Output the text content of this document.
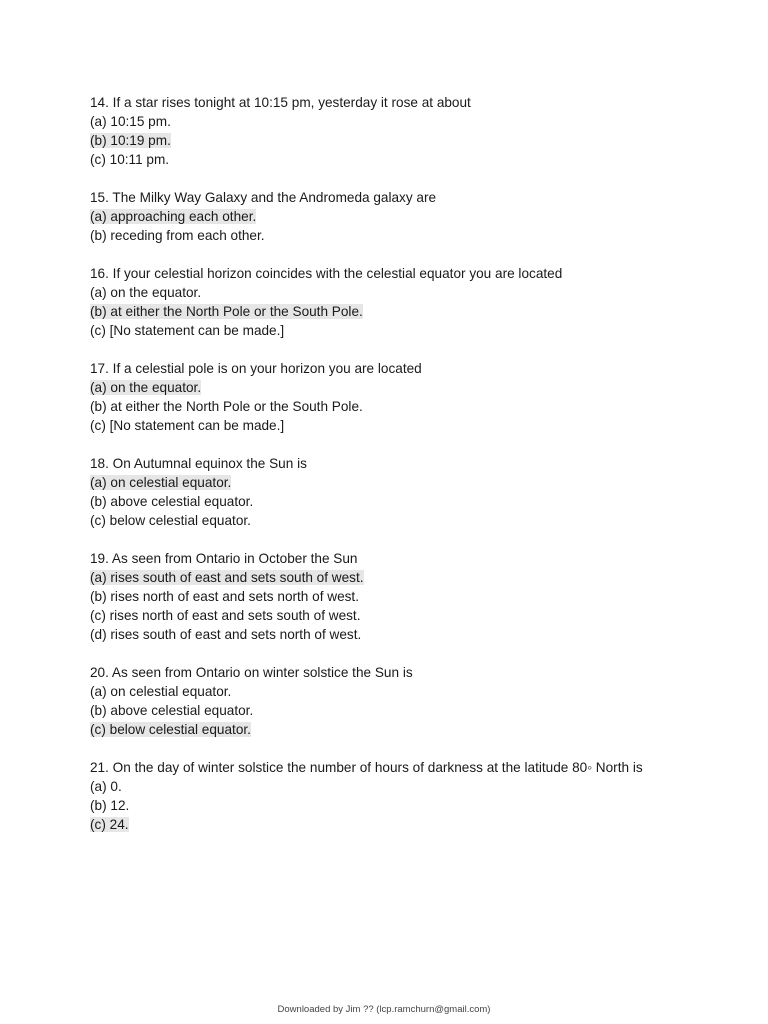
14. If a star rises tonight at 10:15 pm, yesterday it rose at about
(a) 10:15 pm.
(b) 10:19 pm.
(c) 10:11 pm.
15. The Milky Way Galaxy and the Andromeda galaxy are
(a) approaching each other.
(b) receding from each other.
16. If your celestial horizon coincides with the celestial equator you are located
(a) on the equator.
(b) at either the North Pole or the South Pole.
(c) [No statement can be made.]
17. If a celestial pole is on your horizon you are located
(a) on the equator.
(b) at either the North Pole or the South Pole.
(c) [No statement can be made.]
18. On Autumnal equinox the Sun is
(a) on celestial equator.
(b) above celestial equator.
(c) below celestial equator.
19. As seen from Ontario in October the Sun
(a) rises south of east and sets south of west.
(b) rises north of east and sets north of west.
(c) rises north of east and sets south of west.
(d) rises south of east and sets north of west.
20. As seen from Ontario on winter solstice the Sun is
(a) on celestial equator.
(b) above celestial equator.
(c) below celestial equator.
21. On the day of winter solstice the number of hours of darkness at the latitude 80◦ North is
(a) 0.
(b) 12.
(c) 24.
Downloaded by Jim ?? (lcp.ramchurn@gmail.com)
